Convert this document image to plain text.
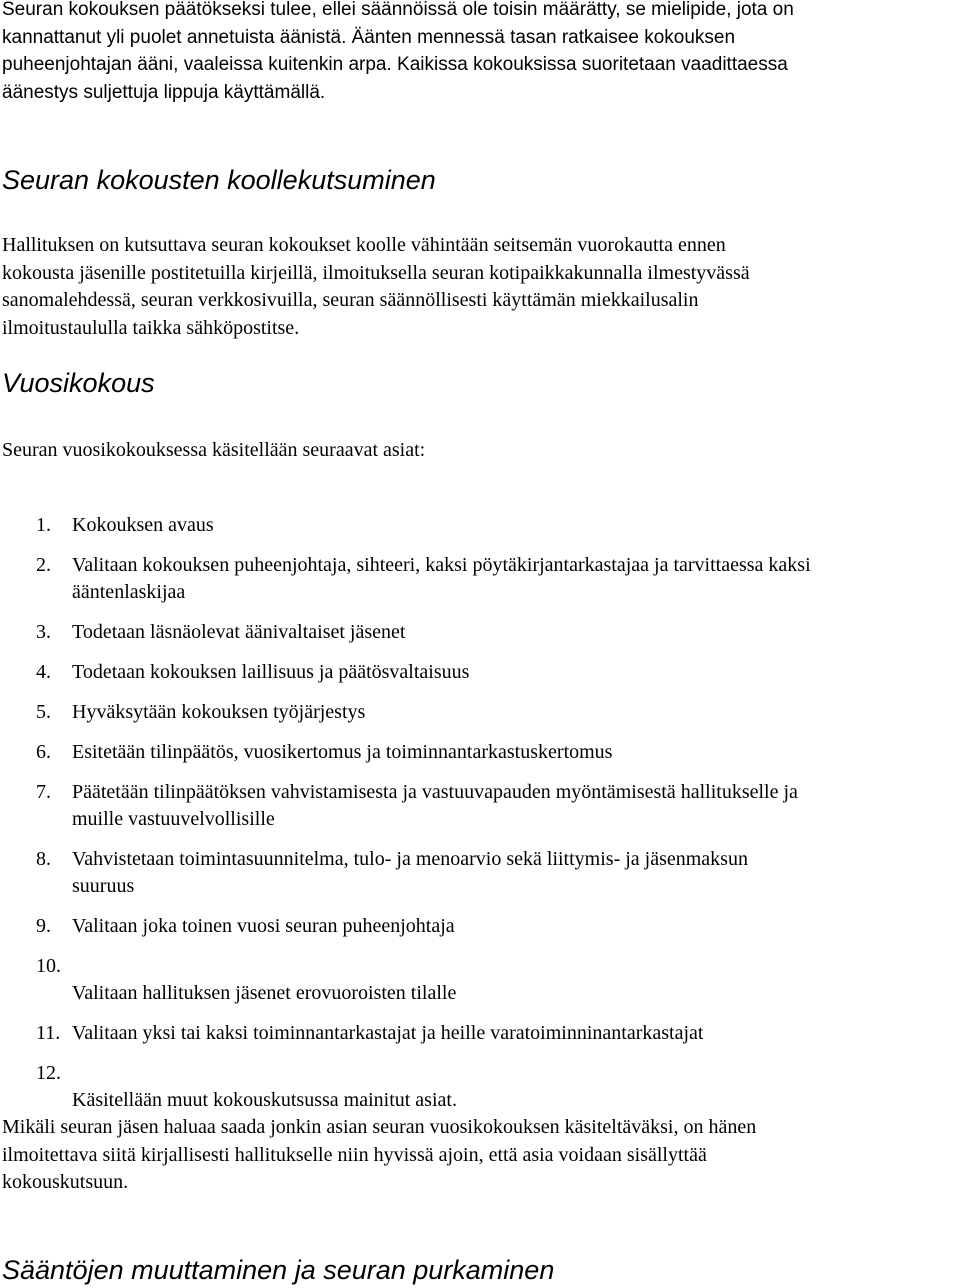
Seuran kokouksen päätökseksi tulee, ellei säännöissä ole toisin määrätty, se mielipide, jota on
kannattanut yli puolet annetuista äänistä. Äänten mennessä tasan ratkaisee kokouksen
puheenjohtajan ääni, vaaleissa kuitenkin arpa. Kaikissa kokouksissa suoritetaan vaadittaessa
äänestys suljettuja lippuja käyttämällä.

Seuran kokousten koollekutsuminen

Hallituksen on kutsuttava seuran kokoukset koolle vähintään seitsemän vuorokautta ennen
kokousta jäsenille postitetuilla kirjeillä, ilmoituksella seuran kotipaikkakunnalla ilmestyvässä
sanomalehdessä, seuran verkkosivuilla, seuran säännöllisesti käyttämän miekkailusalin
ilmoitustaululla taikka sähköpostitse.

Vuosikokous

Seuran vuosikokouksessa käsitellään seuraavat asiat:

1. Kokouksen avaus
2. Valitaan kokouksen puheenjohtaja, sihteeri, kaksi pöytäkirjantarkastajaa ja tarvittaessa kaksi
ääntenlaskijaa
3. Todetaan läsnäolevat äänivaltaiset jäsenet
4. Todetaan kokouksen laillisuus ja päätösvaltaisuus
5. Hyväksytään kokouksen työjärjestys
6. Esitetään tilinpäätös, vuosikertomus ja toiminnantarkastuskertomus
7. Päätetään tilinpäätöksen vahvistamisesta ja vastuuvapauden myöntämisestä hallitukselle ja
muille vastuuvelvollisille
8. Vahvistetaan toimintasuunnitelma, tulo- ja menoarvio sekä liittymis- ja jäsenmaksun
suuruus
9. Valitaan joka toinen vuosi seuran puheenjohtaja
10.
Valitaan hallituksen jäsenet erovuoroisten tilalle
11. Valitaan yksi tai kaksi toiminnantarkastajat ja heille varatoiminninantarkastajat
12.
Käsitellään muut kokouskutsussa mainitut asiat.

Mikäli seuran jäsen haluaa saada jonkin asian seuran vuosikokouksen käsiteltäväksi, on hänen
ilmoitettava siitä kirjallisesti hallitukselle niin hyvissä ajoin, että asia voidaan sisällyttää
kokouskutsuun.

Sääntöjen muuttaminen ja seuran purkaminen
